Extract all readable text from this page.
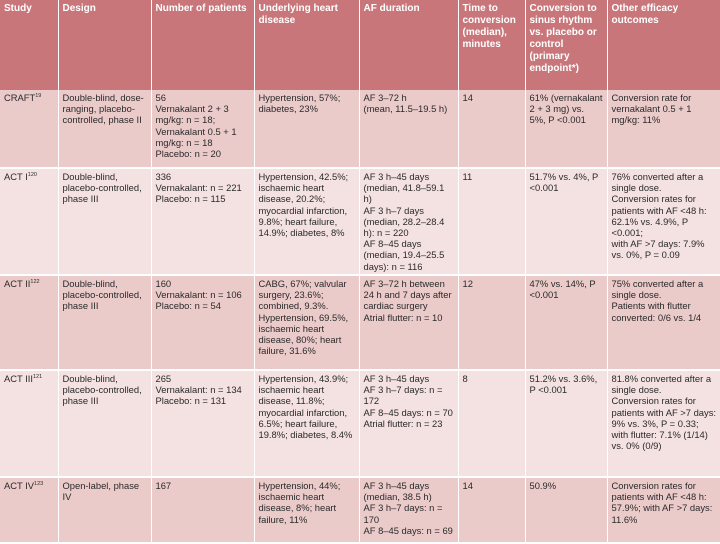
Study	Design	Number of patients	Underlying heart disease	AF duration	Time to conversion (median), minutes	Conversion to sinus rhythm vs. placebo or control (primary endpoint*)	Other efficacy outcomes
CRAFT$^{19}$	Double-blind, dose-ranging, placebo-controlled, phase II	56
Vernakalant 2 + 3 mg/kg: n = 18;
Vernakalant 0.5 + 1 mg/kg: n = 18
Placebo: n = 20	Hypertension, 57%; diabetes, 23%	AF 3–72 h
(mean, 11.5–19.5 h)	14	61% (vernakalant 2 + 3 mg) vs. 5%, P <0.001	Conversion rate for vernakalant 0.5 + 1 mg/kg: 11%
ACT $I^{120}$	Double-blind, placebo-controlled, phase III	336
Vernakalant: n = 221
Placebo: n = 115	Hypertension, 42.5%; ischaemic heart disease, 20.2%; myocardial infarction, 9.8%; heart failure, 14.9%; diabetes, 8%	AF 3 h–45 days (median, 41.8–59.1 h)
AF 3 h–7 days (median, 28.2–28.4 h): n = 220
AF 8–45 days (median, 19.4–25.5 days): n = 116	11	51.7% vs. 4%, P <0.001	76% converted after a single dose.
Conversion rates for patients with AF <48 h: 62.1% vs. 4.9%, P <0.001;
with AF >7 days: 7.9% vs. 0%, P = 0.09
ACT II$^{122}$	Double-blind, placebo-controlled, phase III	160
Vernakalant: n = 106
Placebo: n = 54	CABG, 67%; valvular surgery, 23.6%; combined, 9.3%. Hypertension, 69.5%, ischaemic heart disease, 80%; heart failure, 31.6%	AF 3–72 h between 24 h and 7 days after cardiac surgery
Atrial flutter: n = 10	12	47% vs. 14%, P <0.001	75% converted after a single dose.
Patients with flutter converted: 0/6 vs. 1/4
ACT III$^{121}$	Double-blind, placebo-controlled, phase III	265
Vernakalant: n = 134
Placebo: n = 131	Hypertension, 43.9%; ischaemic heart disease, 11.8%; myocardial infarction, 6.5%; heart failure, 19.8%; diabetes, 8.4%	AF 3 h–45 days
AF 3 h–7 days: n = 172
AF 8–45 days: n = 70
Atrial flutter: n = 23	8	51.2% vs. 3.6%, P <0.001	81.8% converted after a single dose.
Conversion rates for patients with AF >7 days: 9% vs. 3%, P = 0.33;
with flutter: 7.1% (1/14) vs. 0% (0/9)
ACT IV$^{123}$	Open-label, phase IV	167	Hypertension, 44%; ischaemic heart disease, 8%; heart failure, 11%	AF 3 h–45 days (median, 38.5 h)
AF 3 h–7 days: n = 170
AF 8–45 days: n = 69	14	50.9%	Conversion rates for patients with AF <48 h: 57.9%; with AF >7 days: 11.6%
